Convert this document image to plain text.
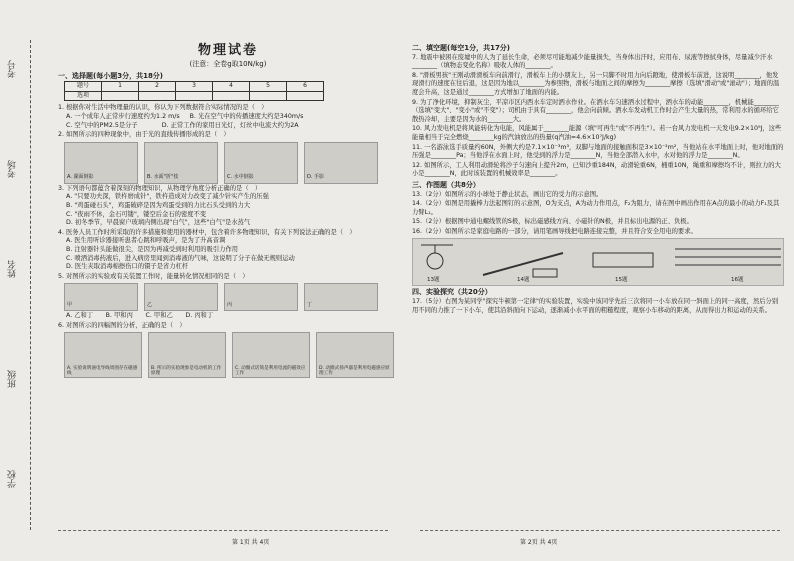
学校
班级
姓名
考场
考号
物理试卷
(注意：全卷g取10N/kg)
一、选择题(每小题3分，共18分)
题号	1	2	3	4	5	6
选项						
1. 根据你对生活中物理量的认识，你认为下列数据符合实际情况的是（　）
A. 一个成年人正常步行速度约为1.2 m/s B. 光在空气中的传播速度大约是340m/s
C. 空气中的PM2.5是分子	D. 正常工作的家用日光灯，灯丝中电流大约为2A
2. 如图所示的四种现象中，由于光的直线传播形成的是（　）
A. 湖面倒影	B. 水面"折"枝	C. 水中倒影	D. 手影
3. 下列语句都蕴含着深刻的物理知识，从物理学角度分析正确的是（　）
A. "只要功夫深，铁杵磨成针"，铁杵造成对力改变了减少针实产生的压强
B. "鸡蛋碰石头"，鸡蛋破碎是因为鸡蛋受到的力比石头受到的力大
C. "夜雨不休，金石可镂"，镂空后金石的密度不变
D. 初冬季节，早晨窗户玻璃内侧出现"白气"，这些"白气"是水蒸气
4. 医务人员工作时所采取的许多措施和使用的器材中，包含着许多物理知识，有关下列说法正确的是（　）
A. 医生用听诊器接听患者心跳和呼吸声，是为了升高音调
B. 注射器针头能做很尖，是因为再减受到时利用的吸引力作用
C. 喷洒消毒药液后，进入病房里闻到消毒液的气味，这说明了分子在做无规则运动
D. 医生夹取消毒棉擦伤口的镊子是省力杠杆
5. 对图所示的实验或有关装置工作时，能量转化情况相同的是（　）
甲	乙	丙	丁
A. 乙和丁　　B. 甲和丙　　C. 甲和乙　　D. 丙和丁
6. 对图所示的四幅图的分析，正确的是（　）
A. 实验说明通电导线周围存在磁感线
B. 所示的实验现象是电动机的工作原理
C. 动圈式话筒是利用电流的磁效应工作
D. 动圈式扬声器是利用电磁感应原理工作
第 1页 共 4页
二、填空题(每空1分，共17分)
7. 地震中被困在废墟中的人为了延长生命，必须尽可能地减少能量损失，当身体出汗时，应用布、尿液等擦拭身体，尽量减少汗水________（填物态变化名称）吸收人体的________。
8. "滑板男孩"王刚动滑滑板车向前滑行，滑板车上的小朋友上，另一只脚不时用力向后蹬地，使滑板车前进，这说明________，他发现滑行的速度在往后退，这是因为地以________为参照物，滑板与地面之间的摩擦为________摩擦（选填"滑动"或"滚动"）；地面的温度会升高，这是通过________方式增加了地面的内能。
9. 为了净化环境，抑制灰尘，平凉市区内西水车定时洒水作业。在洒水车匀速洒水过程中，洒水车的动能________，机械能________（选填"变大"、"变小"或"不变"）；司机由于具有________，他会向前倾。洒水车发动机工作时会产生大量的热，常利用水的循环给它散热冷却，主要是因为水的________大。
10. 风力发电机是将风能转化为电能，风能属于________能源（填"可再生"或"不再生"）。若一台风力发电机一天发电9.2×10⁹J，这些能量相当于完全燃烧________kg的汽油放出的热量(q汽油=4.6×10⁷J/kg)
11. 一名游泳选手质量约60N，外侧大约是7.1×10⁻³m³，双脚与地面的接触面积是3×10⁻²m²，当他站在水平地面上时，他对地面的压强是________Pa；当他浮在水面上时，他受到的浮力是________N，当他全部潜入水中，水对他的浮力是________N。
12. 如图所示，工人利用动滑轮将沙子匀速向上提升2m，已知沙重184N，动滑轮重6N，桶重10N，绳重和摩擦均不计，则拉力的大小是________N，此时该装置的机械效率是________。
三、作图题（共8分）
13.（2分）如图所示的小球处于静止状态，画出它的受力的示意图。
14.（2分）如图是用撬棒力法起图钉的示意图，O为支点，A为动力作用点，F₂为阻力，请在图中画出作用在A点的最小的动力F₁及其力臂L₁。
15.（2分）根据图中通电螺线管的S极，标出磁感线方向、小磁针的N极，并且标出电源的正、负极。
16.（2分）如图所示是家庭电路的一部分，请用笔画导线把电路连接完整，并且符合安全用电的要求。
13题	14题	15题	16题
四、实验探究（共20分）
17.（5分）右图为某同学"探究牛顿第一定律"的实验装置，实验中该同学先后三次将同一小车放在同一斜面上的同一高度，然后分别用不同的力推了一下小车，使其沿斜面向下运动，逐渐减小水平面的粗糙程度，观察小车移动的距离，从而得出力和运动的关系。
第 2页 共 4页
